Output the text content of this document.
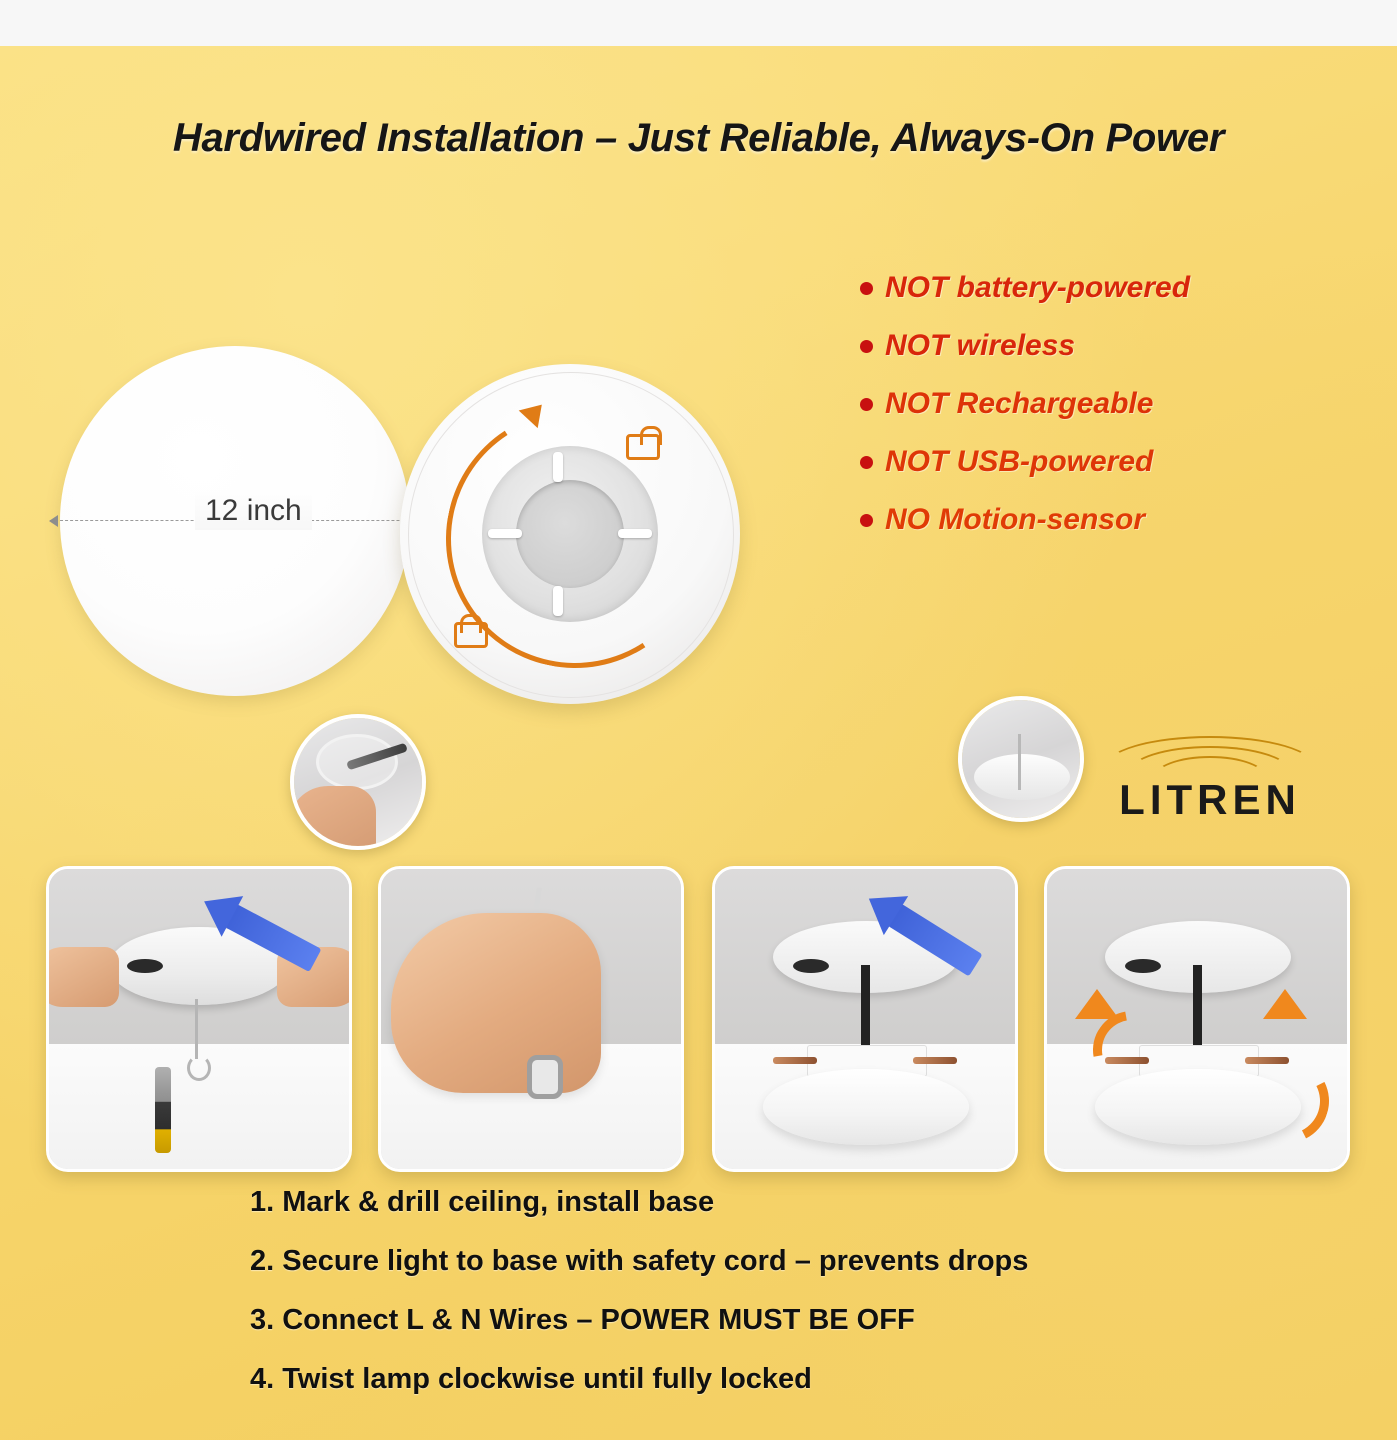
Hardwired Installation – Just Reliable, Always-On Power
NOT battery-powered
NOT wireless
NOT Rechargeable
NOT USB-powered
NO Motion-sensor
12 inch
LITREN
1. Mark & drill ceiling, install base
2. Secure light to base with safety cord – prevents drops
3. Connect L & N Wires – POWER MUST BE OFF
4. Twist lamp clockwise until fully locked
